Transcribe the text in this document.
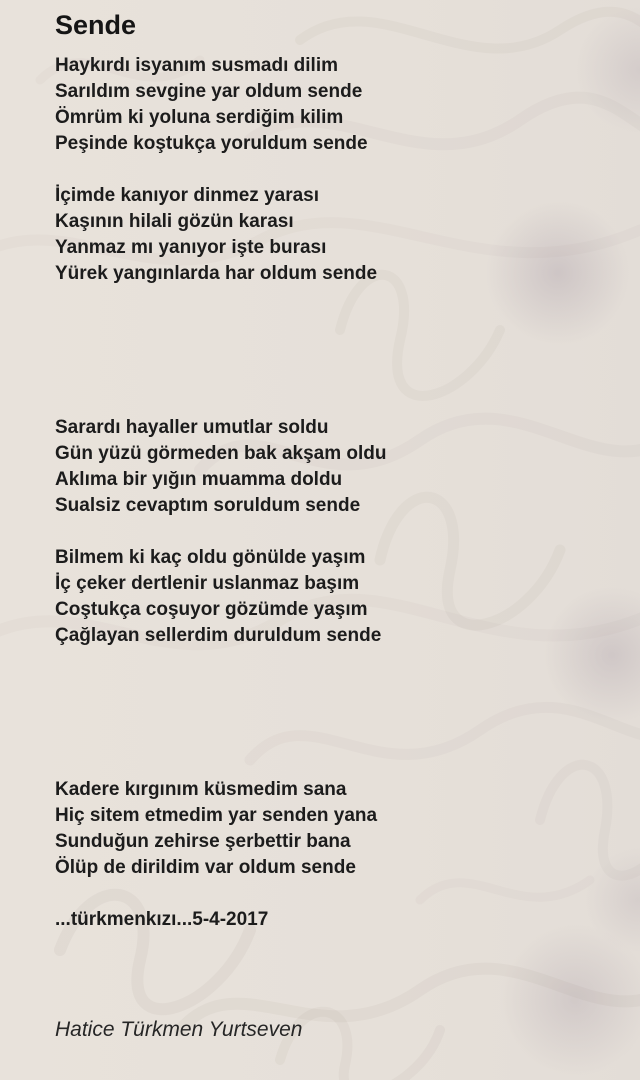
Sende
Haykırdı isyanım susmadı dilim
Sarıldım sevgine yar oldum sende
Ömrüm ki yoluna serdiğim kilim
Peşinde koştukça yoruldum sende
İçimde kanıyor dinmez yarası
Kaşının hilali gözün karası
Yanmaz mı yanıyor işte burası
Yürek yangınlarda har oldum sende
Sarardı hayaller umutlar soldu
Gün yüzü görmeden bak akşam oldu
Aklıma bir yığın muamma doldu
Sualsiz cevaptım soruldum sende
Bilmem ki kaç oldu gönülde yaşım
İç çeker dertlenir uslanmaz başım
Coştukça coşuyor gözümde yaşım
Çağlayan sellerdim duruldum sende
Kadere kırgınım küsmedim sana
Hiç sitem etmedim yar senden yana
Sunduğun zehirse şerbettir bana
Ölüp de dirildim var oldum sende
...türkmenkızı...5-4-2017
Hatice Türkmen Yurtseven
